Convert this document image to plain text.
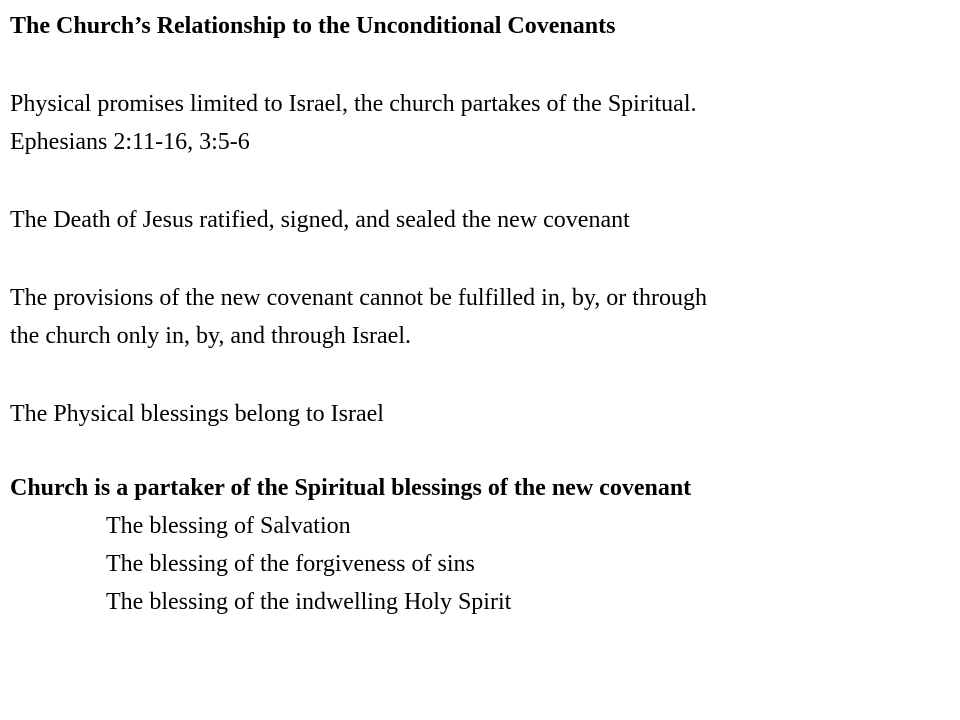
The Church’s Relationship to the Unconditional Covenants
Physical promises limited to Israel, the church partakes of the Spiritual.
Ephesians 2:11-16, 3:5-6
The Death of Jesus ratified, signed, and sealed the new covenant
The provisions of the new covenant cannot be fulfilled in, by, or through
the church only in, by, and through Israel.
The Physical blessings belong to Israel
Church is a partaker of the Spiritual blessings of the new covenant
The blessing of Salvation
The blessing of the forgiveness of sins
The blessing of the indwelling Holy Spirit
